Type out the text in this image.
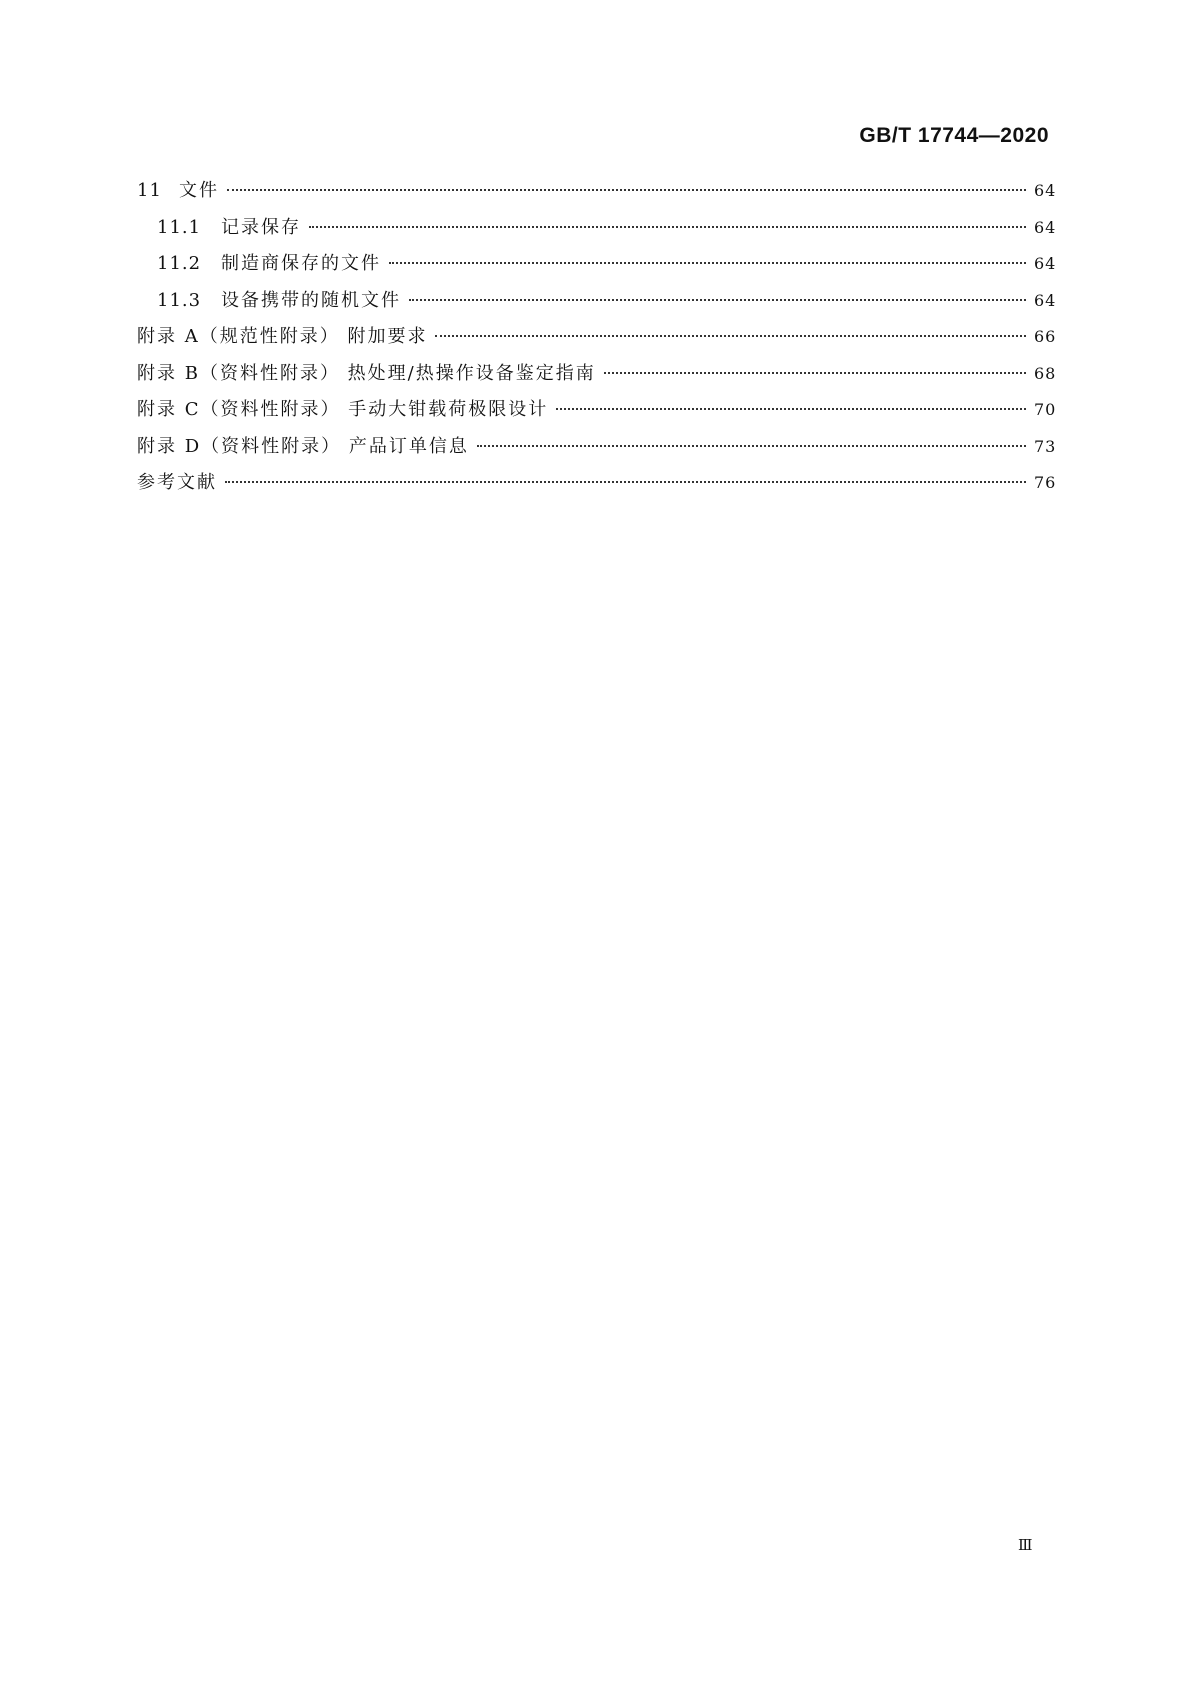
GB/T 17744—2020
11 文件	64
11.1	记录保存	64
11.2	制造商保存的文件	64
11.3	设备携带的随机文件	64
附录 A（规范性附录） 附加要求	66
附录 B（资料性附录） 热处理/热操作设备鉴定指南	68
附录 C（资料性附录） 手动大钳载荷极限设计	70
附录 D（资料性附录） 产品订单信息	73
参考文献	76
Ⅲ
